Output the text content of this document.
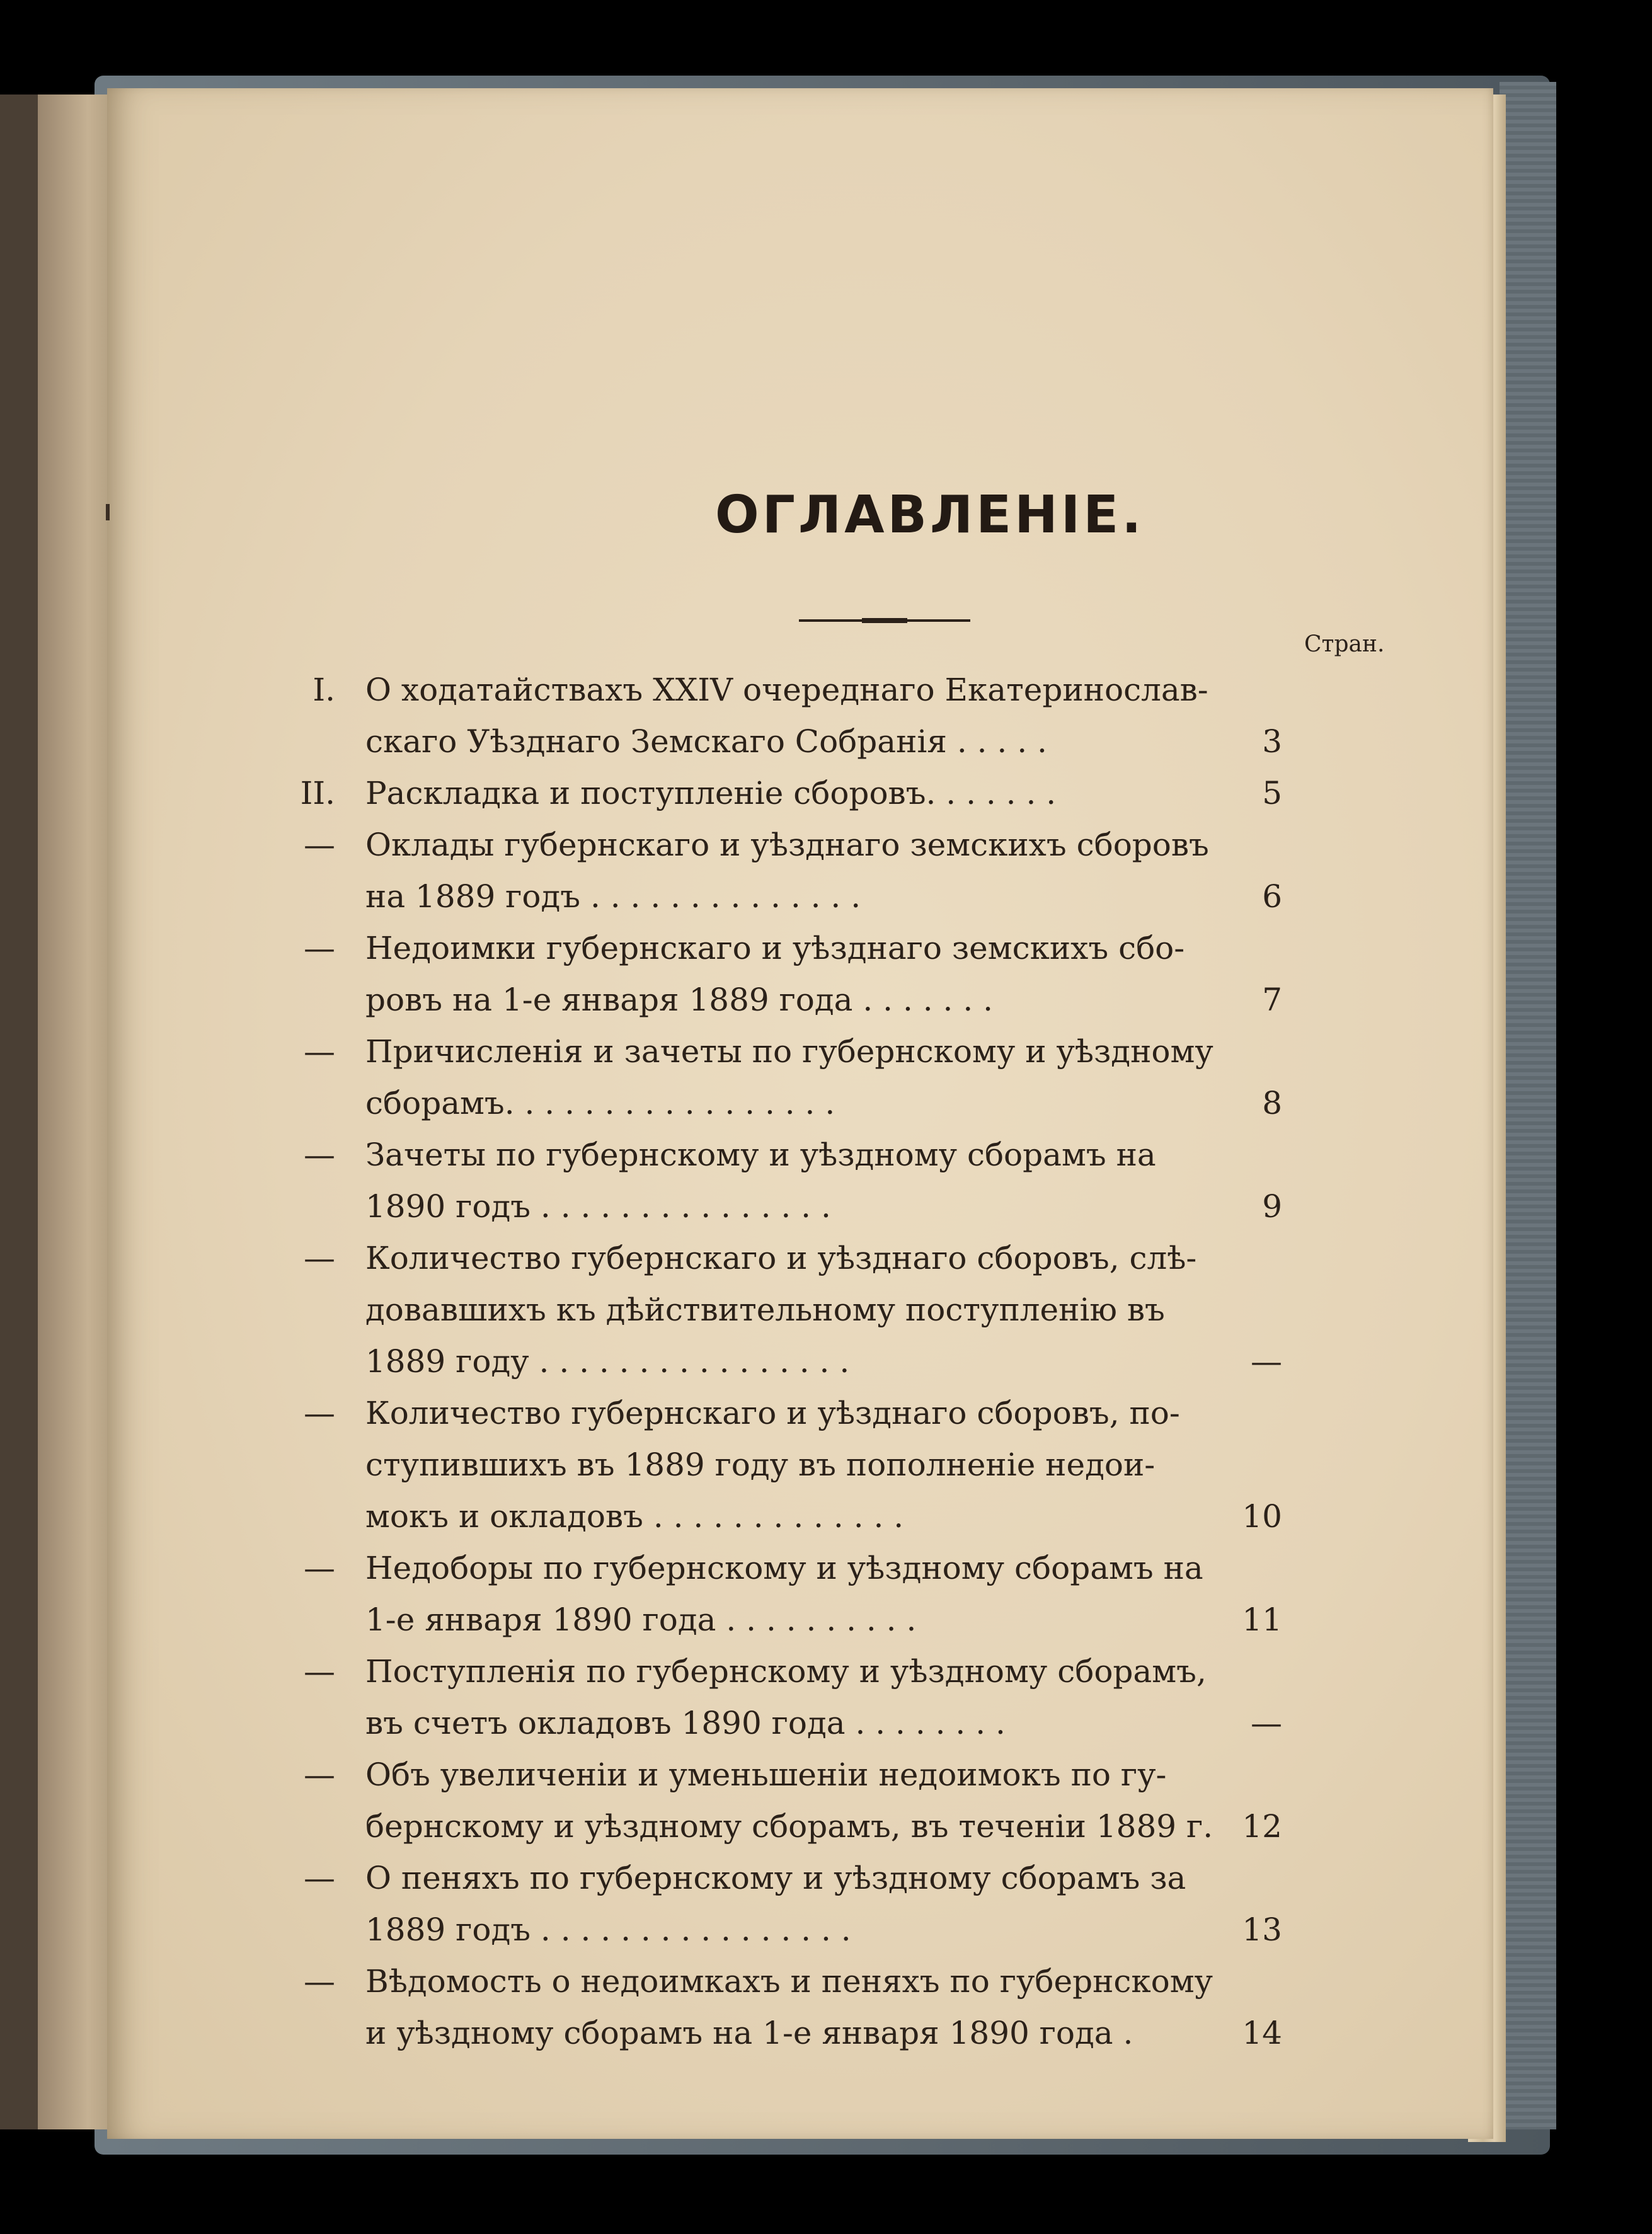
ОГЛАВЛЕНІЕ.
Стран.
I. О ходатайствахъ XXIV очереднаго Екатеринослав-
скаго Уѣзднаго Земскаго Собранія . . . . .	3
II. Раскладка и поступленіе сборовъ. . . . . . .	5
— Оклады губернскаго и уѣзднаго земскихъ сборовъ
на 1889 годъ . . . . . . . . . . . . . .	6
— Недоимки губернскаго и уѣзднаго земскихъ сбо-
ровъ на 1-е января 1889 года . . . . . . .	7
— Причисленія и зачеты по губернскому и уѣздному
сборамъ. . . . . . . . . . . . . . . . .	8
— Зачеты по губернскому и уѣздному сборамъ на
1890 годъ . . . . . . . . . . . . . . .	9
— Количество губернскаго и уѣзднаго сборовъ, слѣ-
довавшихъ къ дѣйствительному поступленію въ
1889 году . . . . . . . . . . . . . . . .	—
— Количество губернскаго и уѣзднаго сборовъ, по-
ступившихъ въ 1889 году въ пополненіе недои-
мокъ и окладовъ . . . . . . . . . . . . .	10
— Недоборы по губернскому и уѣздному сборамъ на
1-е января 1890 года . . . . . . . . . .	11
— Поступленія по губернскому и уѣздному сборамъ,
въ счетъ окладовъ 1890 года . . . . . . . .	—
— Объ увеличеніи и уменьшеніи недоимокъ по гу-
бернскому и уѣздному сборамъ, въ теченіи 1889 г. 12
— О пеняхъ по губернскому и уѣздному сборамъ за
1889 годъ . . . . . . . . . . . . . . . .	13
— Вѣдомость о недоимкахъ и пеняхъ по губернскому
и уѣздному сборамъ на 1-е января 1890 года .	14
